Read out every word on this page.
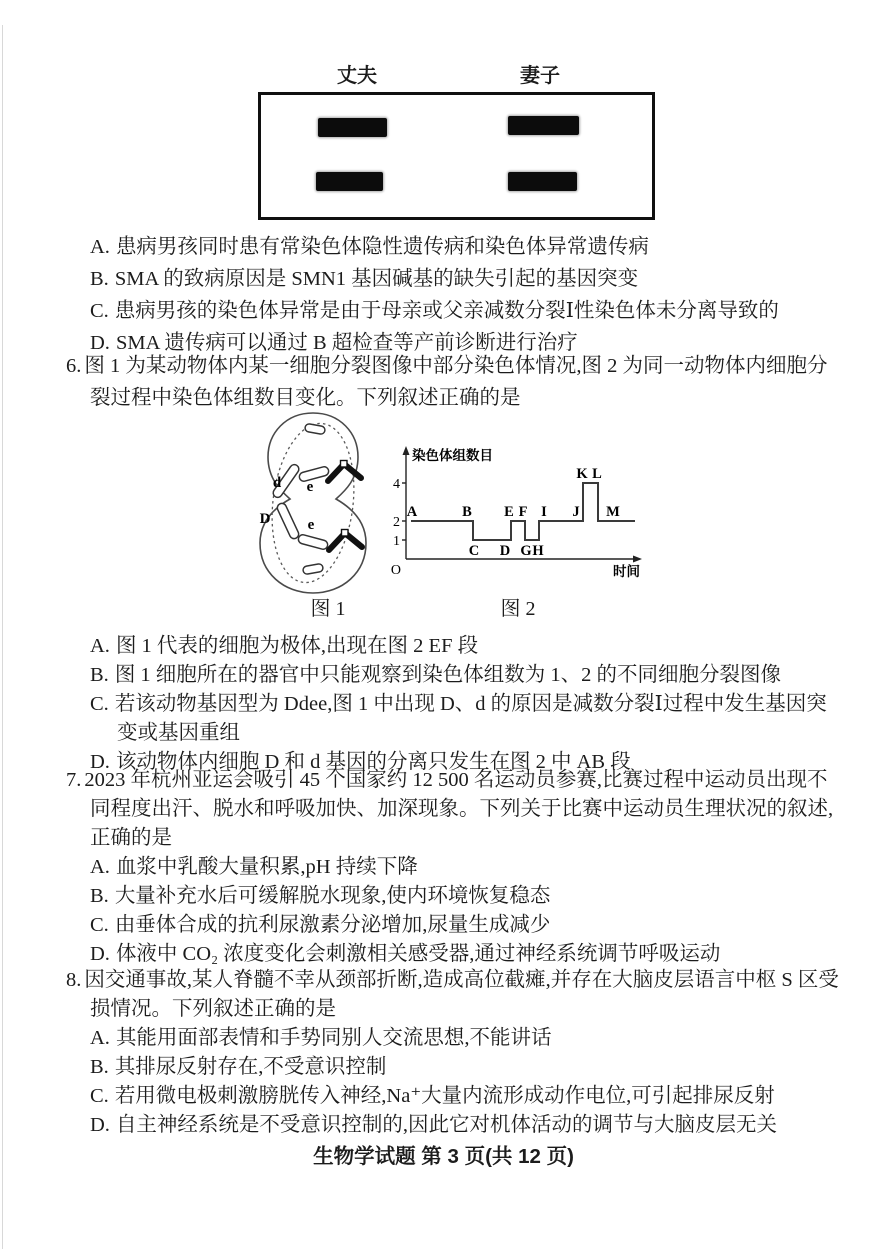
丈夫	妻子
A. 患病男孩同时患有常染色体隐性遗传病和染色体异常遗传病
B. SMA 的致病原因是 SMN1 基因碱基的缺失引起的基因突变
C. 患病男孩的染色体异常是由于母亲或父亲减数分裂Ⅰ性染色体未分离导致的
D. SMA 遗传病可以通过 B 超检查等产前诊断进行治疗
6. 图 1 为某动物体内某一细胞分裂图像中部分染色体情况,图 2 为同一动物体内细胞分裂过程中染色体组数目变化。下列叙述正确的是
d e
D e
染色体组数目
时间
O
4
2
1
A	B
C D
E F
G H
I J
K L
M
图 1	图 2
A. 图 1 代表的细胞为极体,出现在图 2 EF 段
B. 图 1 细胞所在的器官中只能观察到染色体组数为 1、2 的不同细胞分裂图像
C. 若该动物基因型为 Ddee,图 1 中出现 D、d 的原因是减数分裂Ⅰ过程中发生基因突变或基因重组
D. 该动物体内细胞 D 和 d 基因的分离只发生在图 2 中 AB 段
7. 2023 年杭州亚运会吸引 45 个国家约 12 500 名运动员参赛,比赛过程中运动员出现不同程度出汗、脱水和呼吸加快、加深现象。下列关于比赛中运动员生理状况的叙述,正确的是
A. 血浆中乳酸大量积累,pH 持续下降
B. 大量补充水后可缓解脱水现象,使内环境恢复稳态
C. 由垂体合成的抗利尿激素分泌增加,尿量生成减少
D. 体液中 CO₂ 浓度变化会刺激相关感受器,通过神经系统调节呼吸运动
8. 因交通事故,某人脊髓不幸从颈部折断,造成高位截瘫,并存在大脑皮层语言中枢 S 区受损情况。下列叙述正确的是
A. 其能用面部表情和手势同别人交流思想,不能讲话
B. 其排尿反射存在,不受意识控制
C. 若用微电极刺激膀胱传入神经,Na⁺大量内流形成动作电位,可引起排尿反射
D. 自主神经系统是不受意识控制的,因此它对机体活动的调节与大脑皮层无关
生物学试题 第 3 页(共 12 页)
